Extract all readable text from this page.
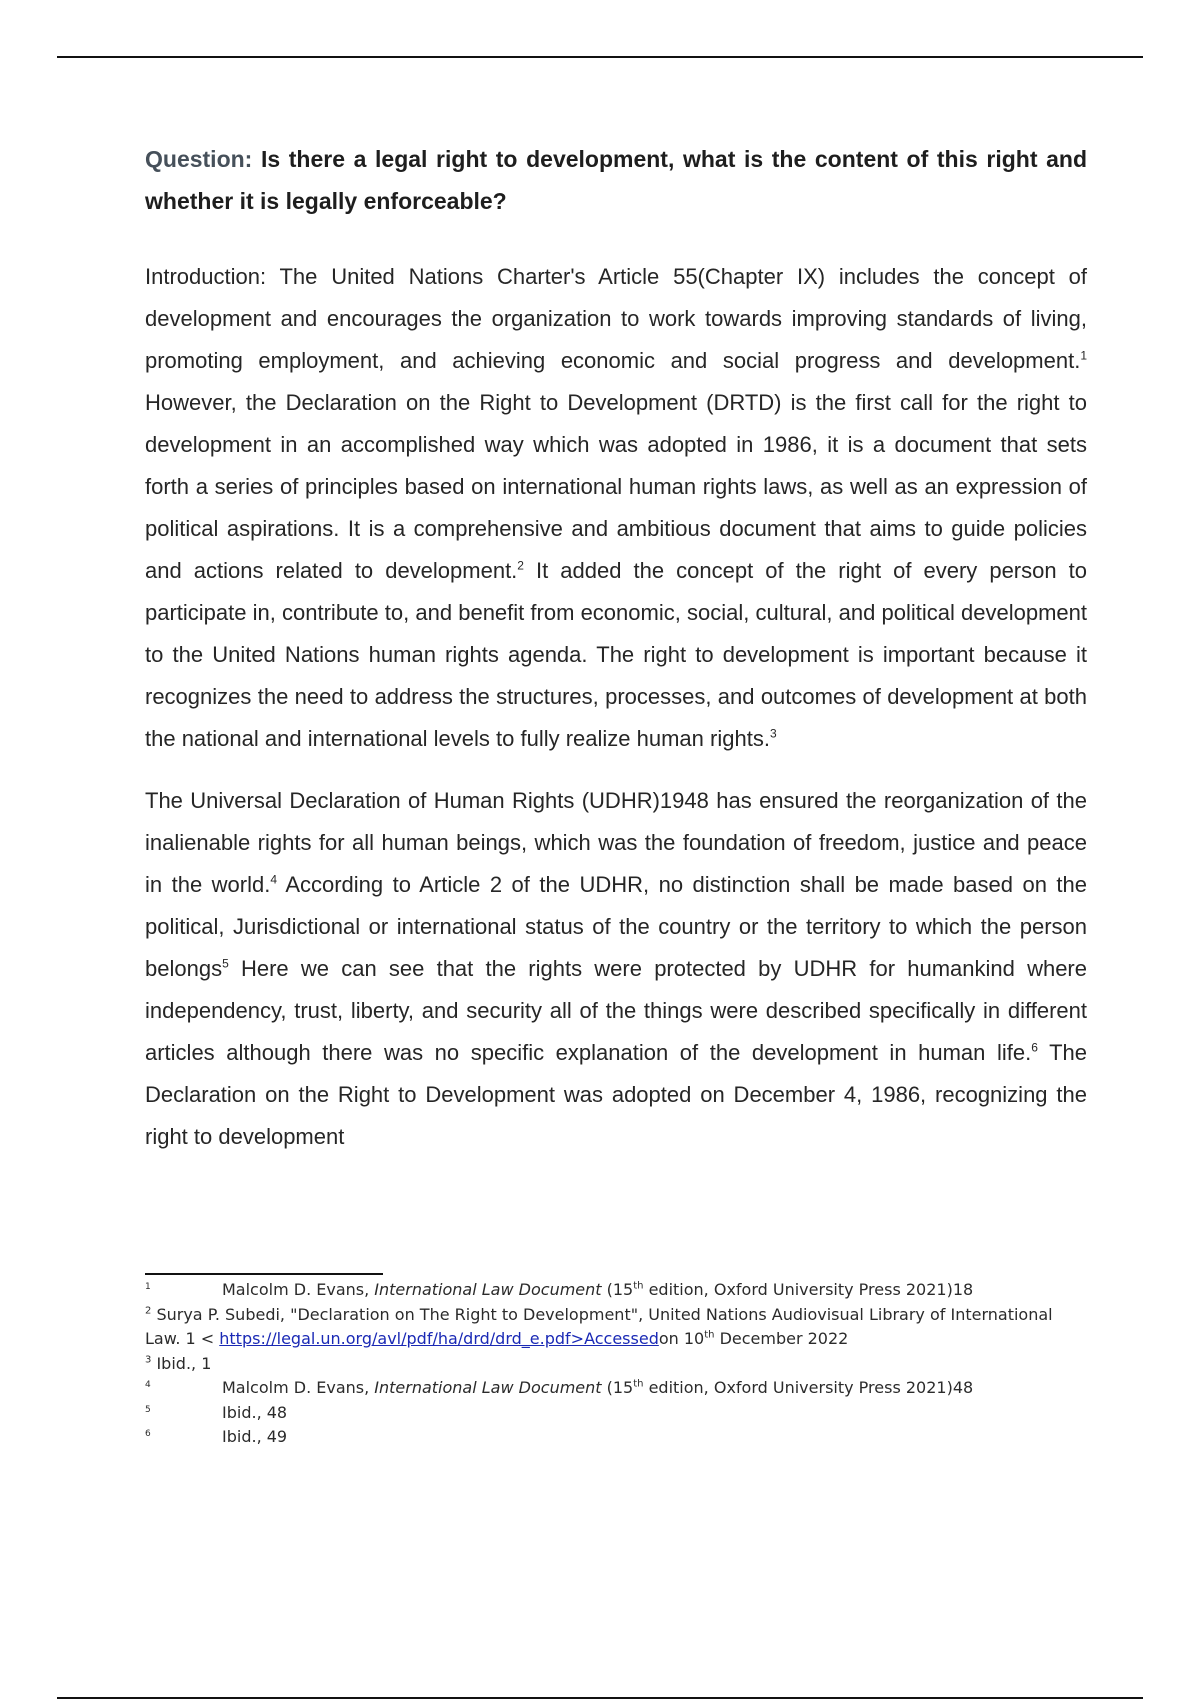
Question: Is there a legal right to development, what is the content of this right and whether it is legally enforceable?

Introduction: The United Nations Charter's Article 55(Chapter IX) includes the concept of development and encourages the organization to work towards improving standards of living, promoting employment, and achieving economic and social progress and development.$^1$ However, the Declaration on the Right to Development (DRTD) is the first call for the right to development in an accomplished way which was adopted in 1986, it is a document that sets forth a series of principles based on international human rights laws, as well as an expression of political aspirations. It is a comprehensive and ambitious document that aims to guide policies and actions related to development.$^2$ It added the concept of the right of every person to participate in, contribute to, and benefit from economic, social, cultural, and political development to the United Nations human rights agenda. The right to development is important because it recognizes the need to address the structures, processes, and outcomes of development at both the national and international levels to fully realize human rights.$^3$

The Universal Declaration of Human Rights (UDHR)1948 has ensured the reorganization of the inalienable rights for all human beings, which was the foundation of freedom, justice and peace in the world.$^4$ According to Article 2 of the UDHR, no distinction shall be made based on the political, Jurisdictional or international status of the country or the territory to which the person belongs$^5$ Here we can see that the rights were protected by UDHR for humankind where independency, trust, liberty, and security all of the things were described specifically in different articles although there was no specific explanation of the development in human life.$^6$ The Declaration on the Right to Development was adopted on December 4, 1986, recognizing the right to development

1	Malcolm D. Evans, International Law Document (15th edition, Oxford University Press 2021)18
$^2$ Surya P. Subedi, "Declaration on The Right to Development", United Nations Audiovisual Library of International Law. 1 < https://legal.un.org/avl/pdf/ha/drd/drd_e.pdf>Accessedon 10th December 2022
$^3$ Ibid., 1
4	Malcolm D. Evans, International Law Document (15th edition, Oxford University Press 2021)48
5	Ibid., 48
6	Ibid., 49
